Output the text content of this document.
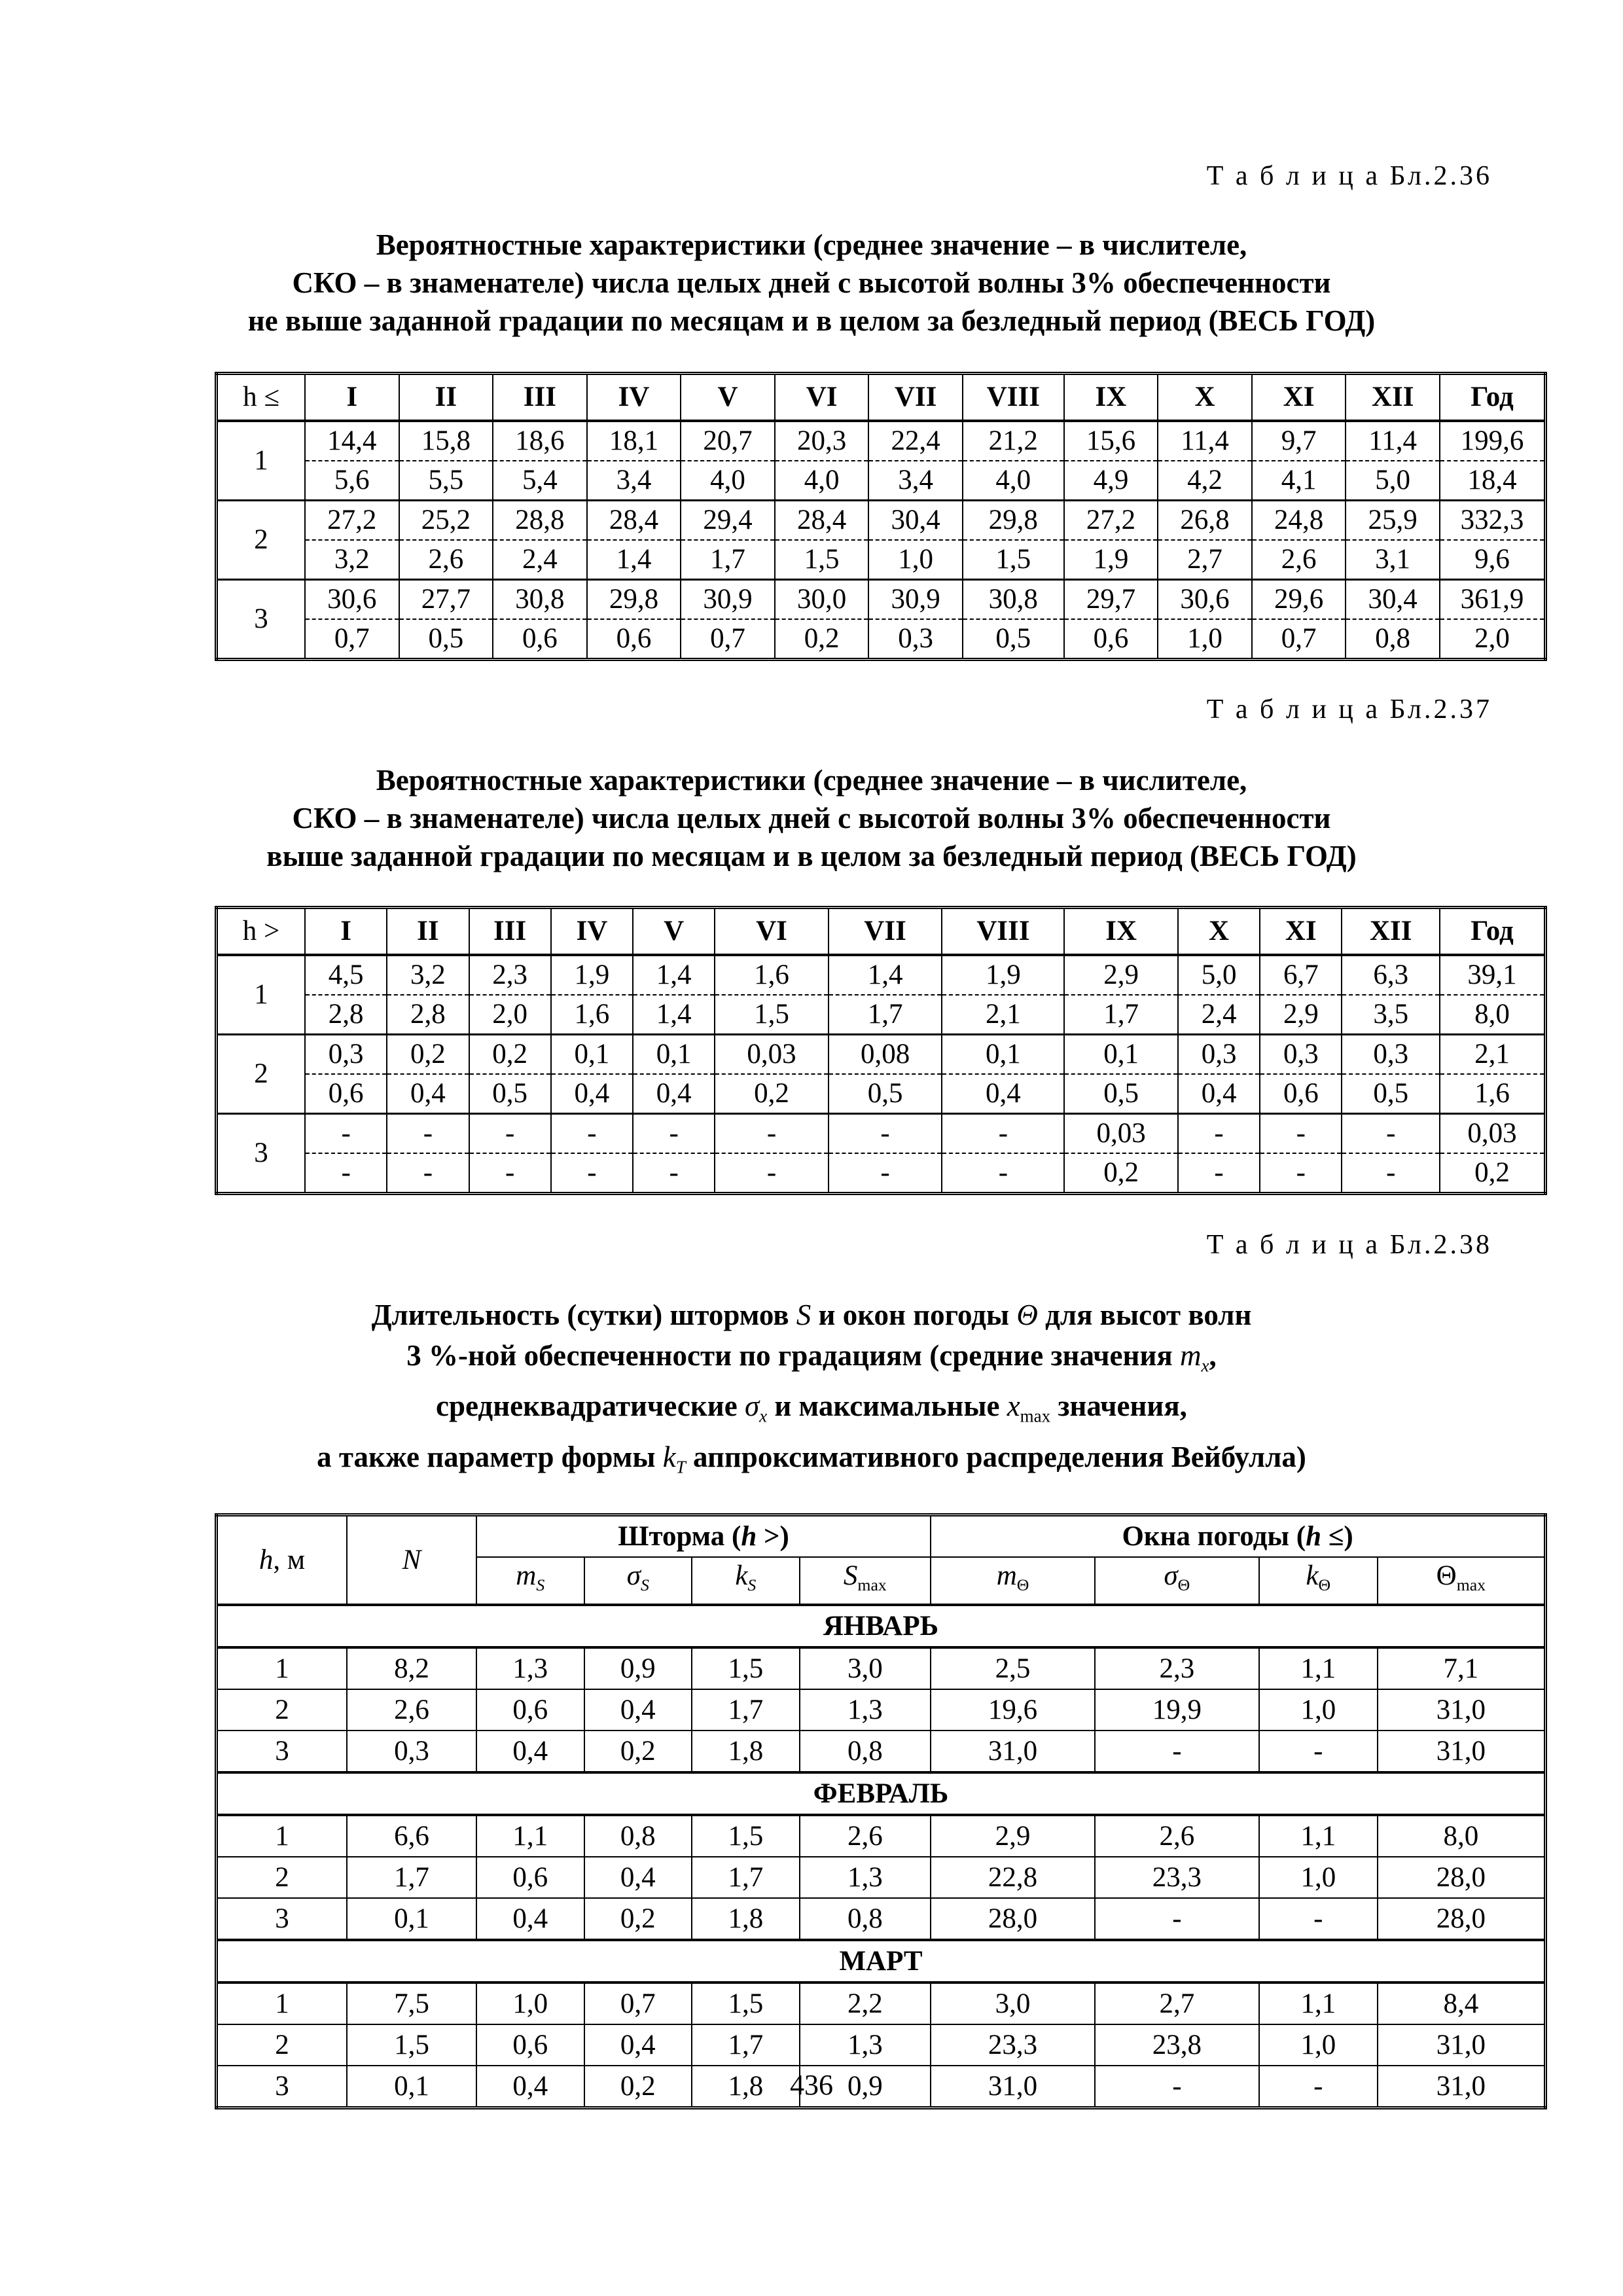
Т а б л и ц а Бл.2.36
Вероятностные характеристики (среднее значение – в числителе,
СКО – в знаменателе) числа целых дней с высотой волны 3% обеспеченности
не выше заданной градации по месяцам и в целом за безледный период (ВЕСЬ ГОД)
h ≤	I	II	III	IV	V	VI	VII	VIII	IX	X	XI	XII	Год
1	14,4	15,8	18,6	18,1	20,7	20,3	22,4	21,2	15,6	11,4	9,7	11,4	199,6
	5,6	5,5	5,4	3,4	4,0	4,0	3,4	4,0	4,9	4,2	4,1	5,0	18,4
2	27,2	25,2	28,8	28,4	29,4	28,4	30,4	29,8	27,2	26,8	24,8	25,9	332,3
	3,2	2,6	2,4	1,4	1,7	1,5	1,0	1,5	1,9	2,7	2,6	3,1	9,6
3	30,6	27,7	30,8	29,8	30,9	30,0	30,9	30,8	29,7	30,6	29,6	30,4	361,9
	0,7	0,5	0,6	0,6	0,7	0,2	0,3	0,5	0,6	1,0	0,7	0,8	2,0
Т а б л и ц а Бл.2.37
Вероятностные характеристики (среднее значение – в числителе,
СКО – в знаменателе) числа целых дней с высотой волны 3% обеспеченности
выше заданной градации по месяцам и в целом за безледный период (ВЕСЬ ГОД)
h >	I	II	III	IV	V	VI	VII	VIII	IX	X	XI	XII	Год
1	4,5	3,2	2,3	1,9	1,4	1,6	1,4	1,9	2,9	5,0	6,7	6,3	39,1
	2,8	2,8	2,0	1,6	1,4	1,5	1,7	2,1	1,7	2,4	2,9	3,5	8,0
2	0,3	0,2	0,2	0,1	0,1	0,03	0,08	0,1	0,1	0,3	0,3	0,3	2,1
	0,6	0,4	0,5	0,4	0,4	0,2	0,5	0,4	0,5	0,4	0,6	0,5	1,6
3	-	-	-	-	-	-	-	-	0,03	-	-	-	0,03
	-	-	-	-	-	-	-	-	0,2	-	-	-	0,2
Т а б л и ц а Бл.2.38
Длительность (сутки) штормов S и окон погоды Θ для высот волн
3 %-ной обеспеченности по градациям (средние значения $m_x$,
среднеквадратические $\sigma_x$ и максимальные $x_{max}$ значения,
а также параметр формы $k_T$ аппроксимативного распределения Вейбулла)
h, м	N	Шторма (h >)				Окна погоды (h ≤)			
		$m_S$	$\sigma_S$	$k_S$	$S_{max}$	$m_\Theta$	$\sigma_\Theta$	$k_\Theta$	$\Theta_{max}$
ЯНВАРЬ									
1	8,2	1,3	0,9	1,5	3,0	2,5	2,3	1,1	7,1
2	2,6	0,6	0,4	1,7	1,3	19,6	19,9	1,0	31,0
3	0,3	0,4	0,2	1,8	0,8	31,0	-	-	31,0
ФЕВРАЛЬ									
1	6,6	1,1	0,8	1,5	2,6	2,9	2,6	1,1	8,0
2	1,7	0,6	0,4	1,7	1,3	22,8	23,3	1,0	28,0
3	0,1	0,4	0,2	1,8	0,8	28,0	-	-	28,0
МАРТ									
1	7,5	1,0	0,7	1,5	2,2	3,0	2,7	1,1	8,4
2	1,5	0,6	0,4	1,7	1,3	23,3	23,8	1,0	31,0
3	0,1	0,4	0,2	1,8	0,9	31,0	-	-	31,0
436
